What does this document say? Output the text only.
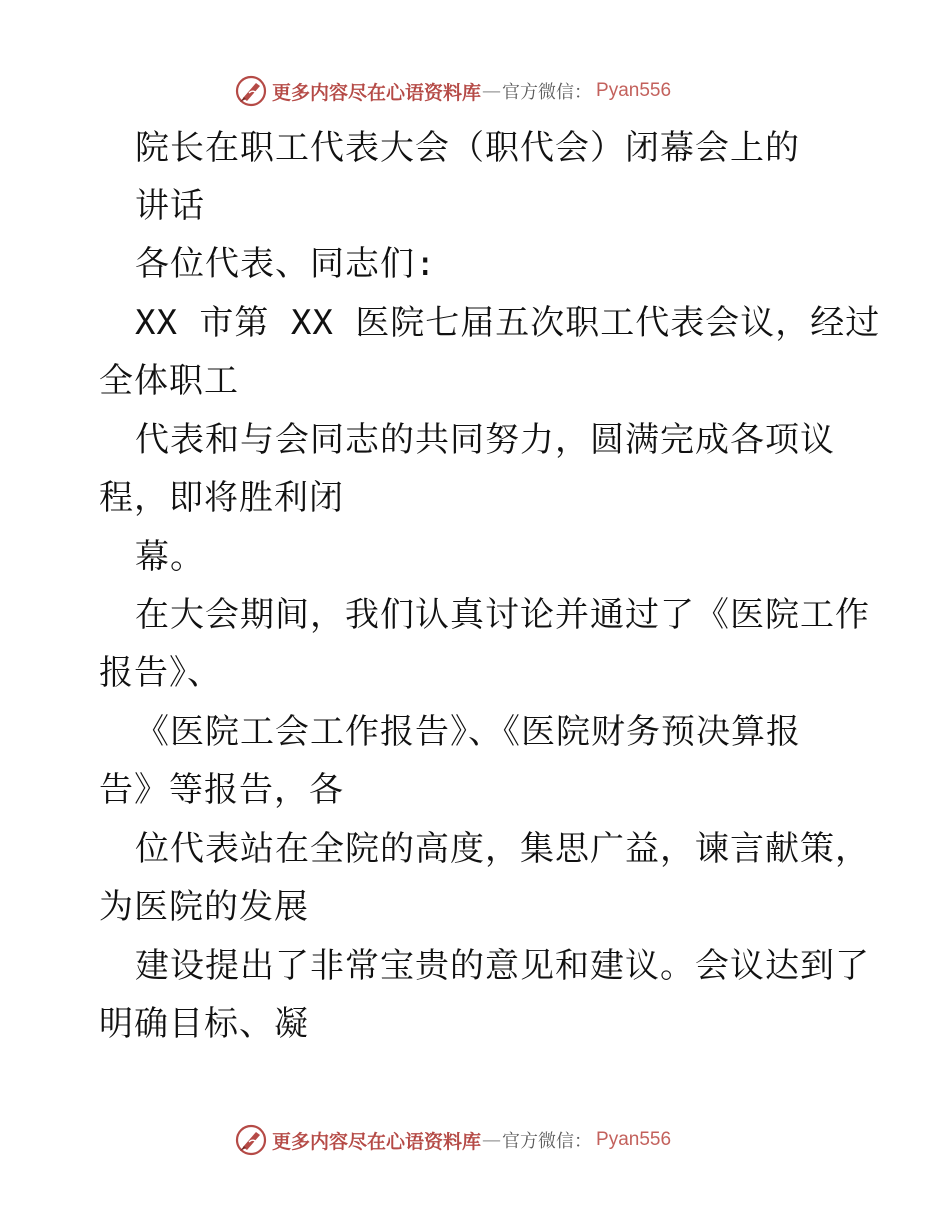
更多内容尽在心语资料库 — 官方微信 ： Pyan556
院长在职工代表大会（职代会）闭幕会上的
讲话
各位代表、同志们:
XX 市第 XX 医院七届五次职工代表会议，经过
全体职工
代表和与会同志的共同努力，圆满完成各项议
程，即将胜利闭
幕。
在大会期间，我们认真讨论并通过了《医院工作
报告》、
《医院工会工作报告》、《医院财务预决算报
告》等报告，各
位代表站在全院的高度，集思广益，谏言献策，
为医院的发展
建设提出了非常宝贵的意见和建议。会议达到了
明确目标、凝
更多内容尽在心语资料库 — 官方微信 ： Pyan556
